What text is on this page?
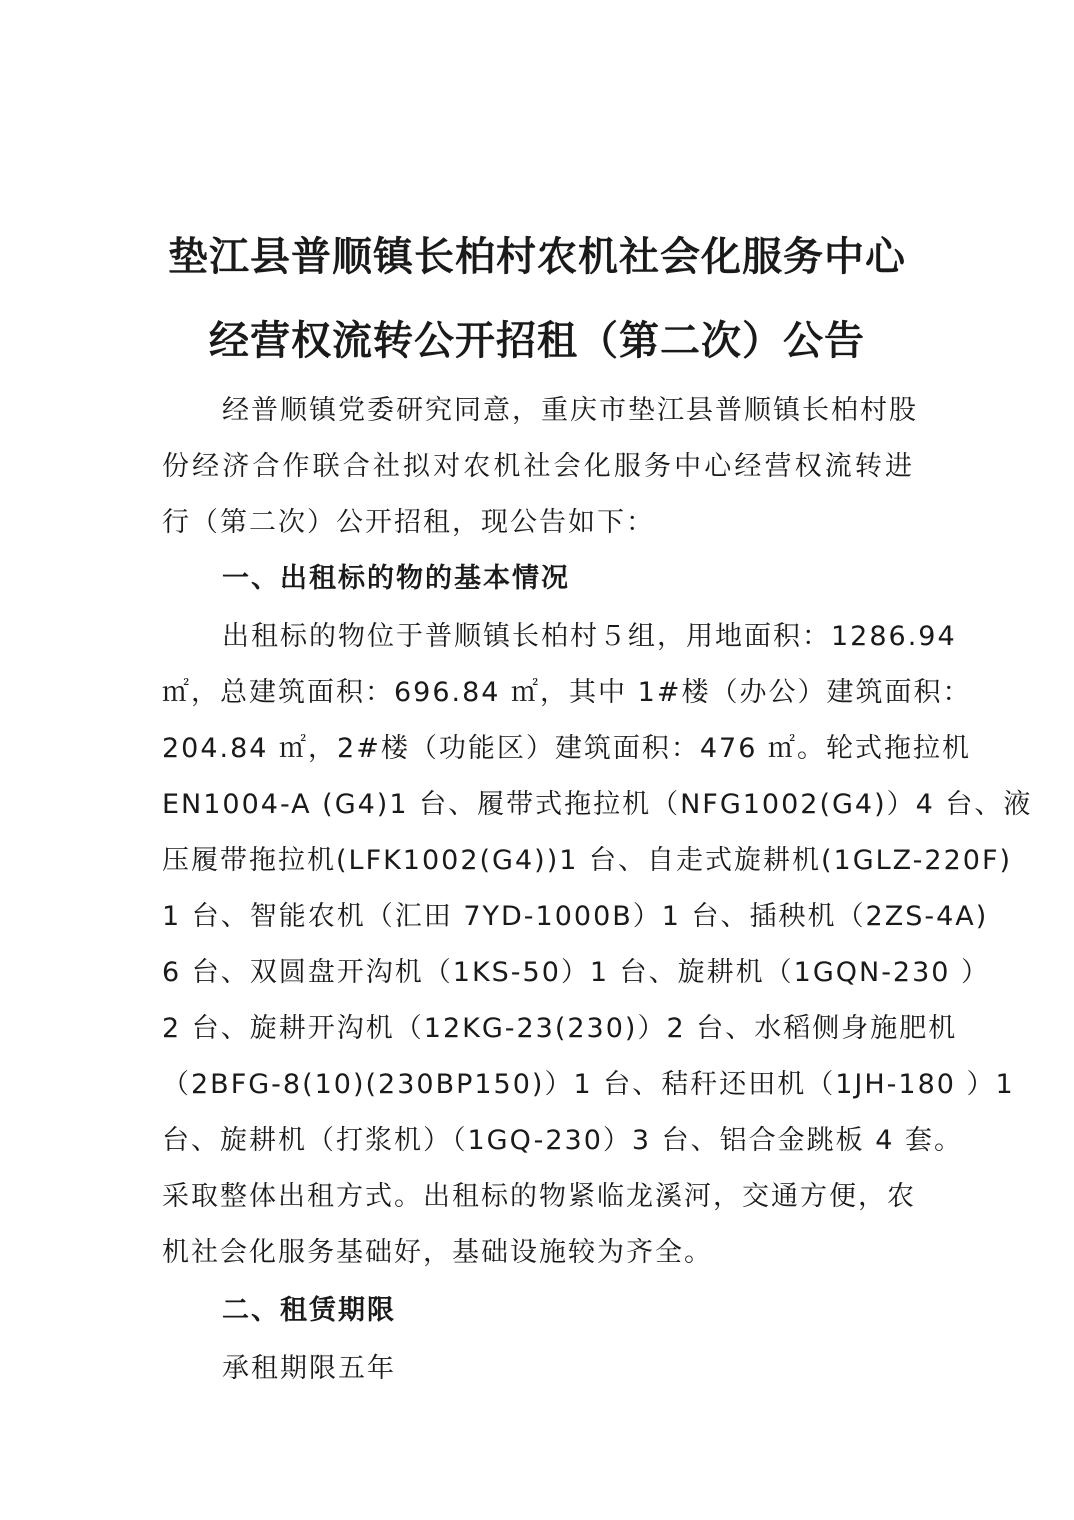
垫江县普顺镇长柏村农机社会化服务中心
经营权流转公开招租（第二次）公告
经普顺镇党委研究同意，重庆市垫江县普顺镇长柏村股
份经济合作联合社拟对农机社会化服务中心经营权流转进
行（第二次）公开招租，现公告如下：
一、出租标的物的基本情况
出租标的物位于普顺镇长柏村５组，用地面积：1286.94
㎡，总建筑面积：696.84 ㎡，其中 1#楼（办公）建筑面积：
204.84 ㎡，2#楼（功能区）建筑面积：476 ㎡。轮式拖拉机
EN1004-A (G4)1 台、履带式拖拉机（NFG1002(G4)）4 台、液
压履带拖拉机(LFK1002(G4))1 台、自走式旋耕机(1GLZ-220F)
1 台、智能农机（汇田 7YD-1000B）1 台、插秧机（2ZS-4A)
6 台、双圆盘开沟机（1KS-50）1 台、旋耕机（1GQN-230 ）
2 台、旋耕开沟机（12KG-23(230)）2 台、水稻侧身施肥机
（2BFG-8(10)(230BP150)）1 台、秸秆还田机（1JH-180 ）1
台、旋耕机（打浆机）（1GQ-230）3 台、铝合金跳板 4 套。
采取整体出租方式。出租标的物紧临龙溪河，交通方便，农
机社会化服务基础好，基础设施较为齐全。
二、租赁期限
承租期限五年
